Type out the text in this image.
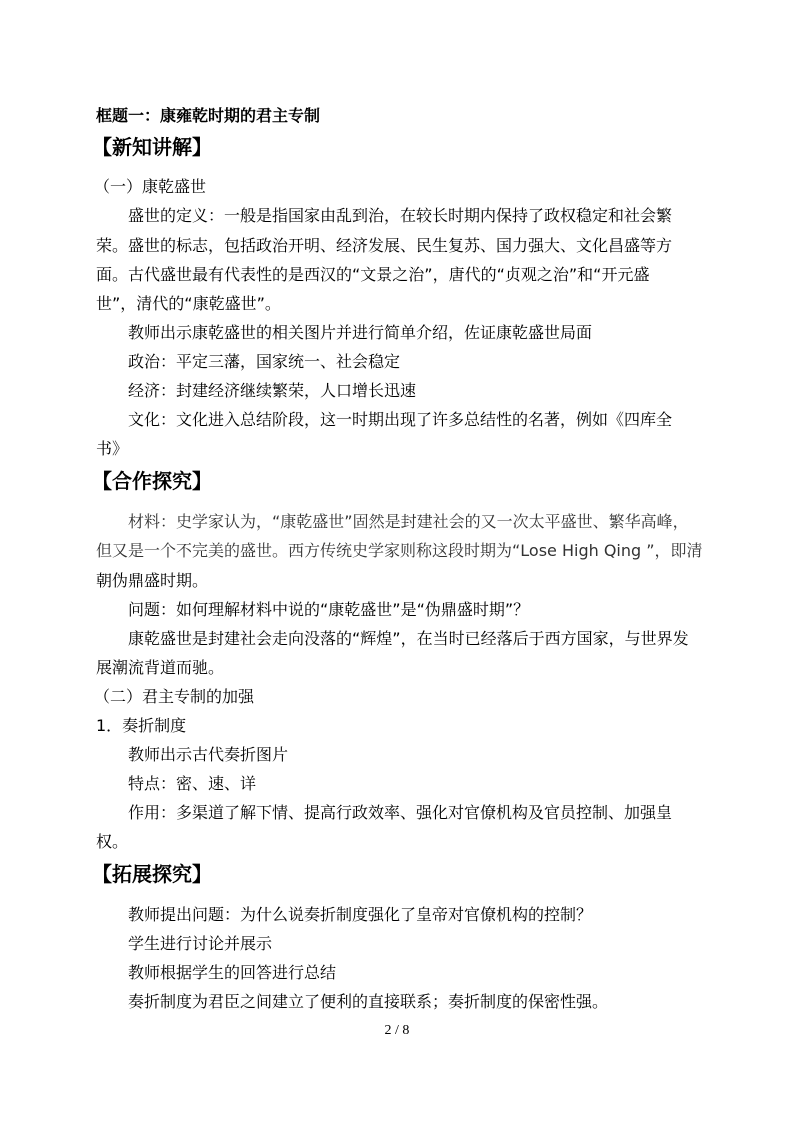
框题一：康雍乾时期的君主专制
【新知讲解】
（一）康乾盛世
盛世的定义：一般是指国家由乱到治，在较长时期内保持了政权稳定和社会繁
荣。盛世的标志，包括政治开明、经济发展、民生复苏、国力强大、文化昌盛等方
面。古代盛世最有代表性的是西汉的“文景之治”，唐代的“贞观之治”和“开元盛
世”，清代的“康乾盛世”。
教师出示康乾盛世的相关图片并进行简单介绍，佐证康乾盛世局面
政治：平定三藩，国家统一、社会稳定
经济：封建经济继续繁荣，人口增长迅速
文化：文化进入总结阶段，这一时期出现了许多总结性的名著，例如《四库全
书》
【合作探究】
材料：史学家认为，“康乾盛世”固然是封建社会的又一次太平盛世、繁华高峰，
但又是一个不完美的盛世。西方传统史学家则称这段时期为“Lose High Qing ”，即清
朝伪鼎盛时期。
问题：如何理解材料中说的“康乾盛世”是“伪鼎盛时期”？
康乾盛世是封建社会走向没落的“辉煌”，在当时已经落后于西方国家，与世界发
展潮流背道而驰。
（二）君主专制的加强
1．奏折制度
教师出示古代奏折图片
特点：密、速、详
作用：多渠道了解下情、提高行政效率、强化对官僚机构及官员控制、加强皇
权。
【拓展探究】
教师提出问题：为什么说奏折制度强化了皇帝对官僚机构的控制？
学生进行讨论并展示
教师根据学生的回答进行总结
奏折制度为君臣之间建立了便利的直接联系；奏折制度的保密性强。
2 / 8
